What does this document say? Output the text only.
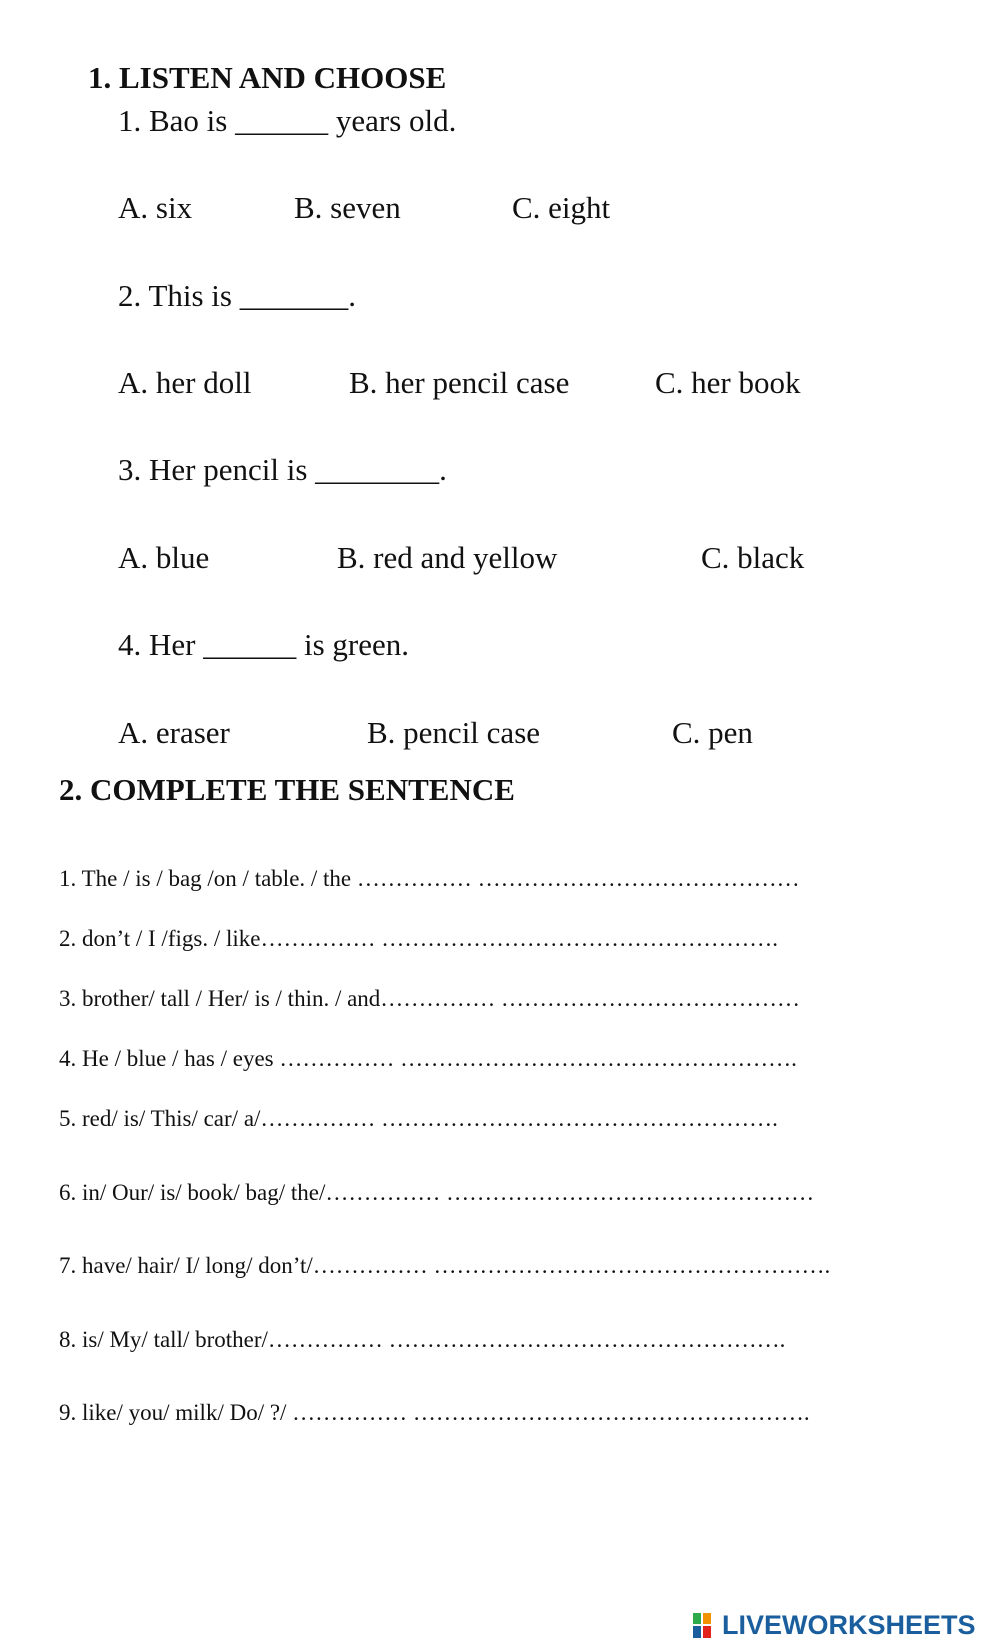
1. LISTEN AND CHOOSE
1. Bao is ______ years old.
A. six	B. seven	C. eight
2. This is _______.
A. her doll	B. her pencil case	C. her book
3. Her pencil is ________.
A. blue	B. red and yellow	C. black
4. Her ______ is green.
A. eraser	B. pencil case	C. pen
2. COMPLETE THE SENTENCE
1. The / is / bag /on / table. / the …………… ……………………………………
2. don’t / I /figs. / like…………… …………………………………………….
3. brother/ tall / Her/ is / thin. / and…………… …………………………………
4. He / blue / has / eyes …………… …………………………………………….
5. red/ is/ This/ car/ a/…………… …………………………………………….
6. in/ Our/ is/ book/ bag/ the/…………… …………………………………………
7. have/ hair/ I/ long/ don’t/…………… …………………………………………….
8. is/ My/ tall/ brother/…………… …………………………………………….
9. like/ you/ milk/ Do/ ?/ …………… …………………………………………….
LIVEWORKSHEETS
